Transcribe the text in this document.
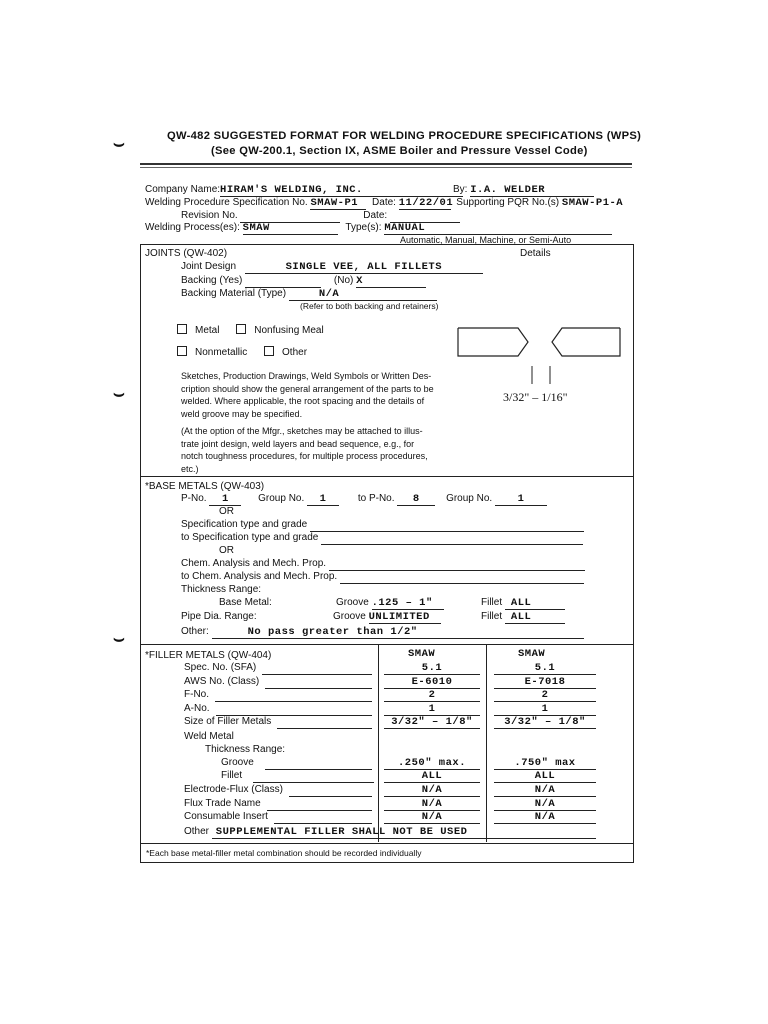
⌣
⌣
⌣
QW-482 SUGGESTED FORMAT FOR WELDING PROCEDURE SPECIFICATIONS (WPS)
(See QW-200.1, Section IX, ASME Boiler and Pressure Vessel Code)
Company Name:HIRAM'S WELDING, INC.	By: I.A. WELDER
Welding Procedure Specification No. SMAW-P1 Date: 11/22/01 Supporting PQR No.(s) SMAW-P1-A
Revision No.	Date:
Welding Process(es): SMAW	Type(s): MANUAL
Automatic, Manual, Machine, or Semi-Auto
JOINTS (QW-402)	Details
Joint Design	SINGLE VEE, ALL FILLETS
Backing (Yes)	(No) X
Backing Material (Type)	N/A
(Refer to both backing and retainers)
Metal	Nonfusing Meal
Nonmetallic	Other
Sketches, Production Drawings, Weld Symbols or Written Des-
cription should show the general arrangement of the parts to be
welded. Where applicable, the root spacing and the details of
weld groove may be specified.
(At the option of the Mfgr., sketches may be attached to illus-
trate joint design, weld layers and bead sequence, e.g., for
notch toughness procedures, for multiple process procedures,
etc.)
3/32" – 1/16"
*BASE METALS (QW-403)
P-No. 1	Group No. 1	to P-No. 8	Group No. 1
OR
Specification type and grade
to Specification type and grade
OR
Chem. Analysis and Mech. Prop.
to Chem. Analysis and Mech. Prop.
Thickness Range:
Base Metal:	Groove .125 – 1"	Fillet ALL
Pipe Dia. Range:	Groove UNLIMITED	Fillet ALL
Other:	No pass greater than 1/2"
*FILLER METALS (QW-404)	SMAW	SMAW
Spec. No. (SFA)	5.1	5.1
AWS No. (Class)	E-6010	E-7018
F-No.	2	2
A-No.	1	1
Size of Filler Metals	3/32" – 1/8"	3/32" – 1/8"
Weld Metal
Thickness Range:
Groove	.250" max.	.750" max
Fillet	ALL	ALL
Electrode-Flux (Class)	N/A	N/A
Flux Trade Name	N/A	N/A
Consumable Insert	N/A	N/A
Other SUPPLEMENTAL FILLER SHALL NOT BE USED
*Each base metal-filler metal combination should be recorded individually
